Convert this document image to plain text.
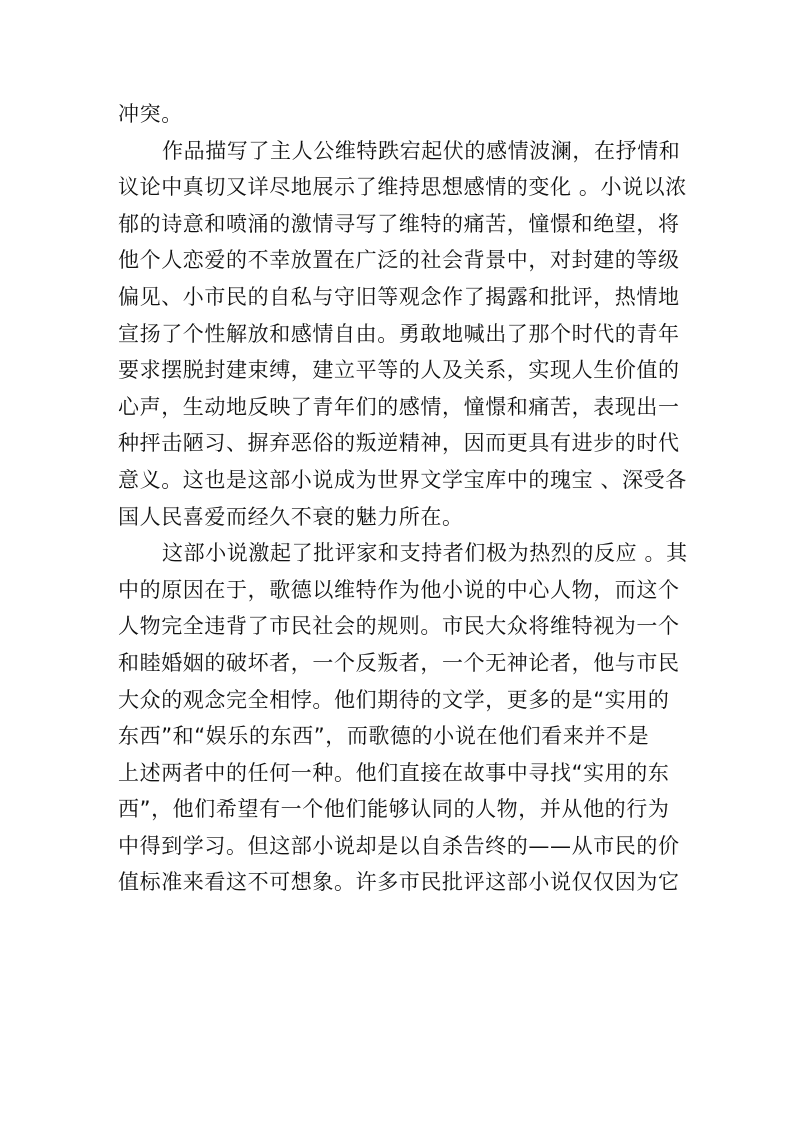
冲突。
作品描写了主人公维特跌宕起伏的感情波澜，在抒情和
议论中真切又详尽地展示了维持思想感情的变化 。小说以浓
郁的诗意和喷涌的激情寻写了维特的痛苦，憧憬和绝望，将
他个人恋爱的不幸放置在广泛的社会背景中，对封建的等级
偏见、小市民的自私与守旧等观念作了揭露和批评，热情地
宣扬了个性解放和感情自由。勇敢地喊出了那个时代的青年
要求摆脱封建束缚，建立平等的人及关系，实现人生价值的
心声，生动地反映了青年们的感情，憧憬和痛苦，表现出一
种抨击陋习、摒弃恶俗的叛逆精神，因而更具有进步的时代
意义。这也是这部小说成为世界文学宝库中的瑰宝 、深受各
国人民喜爱而经久不衰的魅力所在。
这部小说激起了批评家和支持者们极为热烈的反应 。其
中的原因在于，歌德以维特作为他小说的中心人物，而这个
人物完全违背了市民社会的规则。市民大众将维特视为一个
和睦婚姻的破坏者，一个反叛者，一个无神论者，他与市民
大众的观念完全相悖。他们期待的文学，更多的是“实用的
东西”和“娱乐的东西”，而歌德的小说在他们看来并不是
上述两者中的任何一种。他们直接在故事中寻找“实用的东
西”，他们希望有一个他们能够认同的人物，并从他的行为
中得到学习。但这部小说却是以自杀告终的——从市民的价
值标准来看这不可想象。许多市民批评这部小说仅仅因为它
